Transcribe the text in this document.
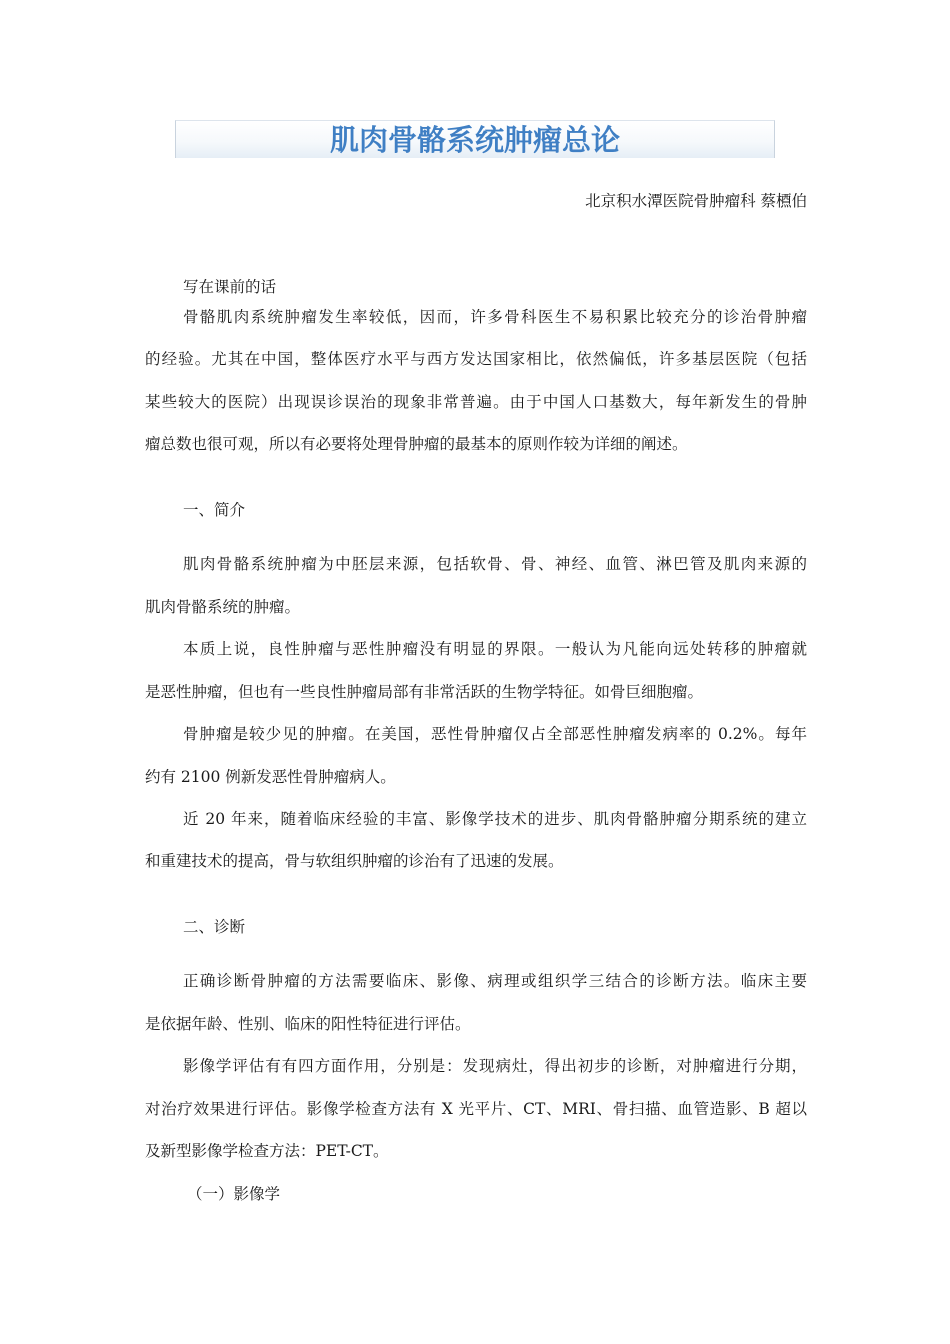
肌肉骨骼系统肿瘤总论
北京积水潭医院骨肿瘤科 蔡槱伯
写在课前的话
骨骼肌肉系统肿瘤发生率较低，因而，许多骨科医生不易积累比较充分的诊治骨肿瘤
的经验。尤其在中国，整体医疗水平与西方发达国家相比，依然偏低，许多基层医院（包括
某些较大的医院）出现误诊误治的现象非常普遍。由于中国人口基数大，每年新发生的骨肿
瘤总数也很可观，所以有必要将处理骨肿瘤的最基本的原则作较为详细的阐述。
一、简介
肌肉骨骼系统肿瘤为中胚层来源，包括软骨、骨、神经、血管、淋巴管及肌肉来源的
肌肉骨骼系统的肿瘤。
本质上说，良性肿瘤与恶性肿瘤没有明显的界限。一般认为凡能向远处转移的肿瘤就
是恶性肿瘤，但也有一些良性肿瘤局部有非常活跃的生物学特征。如骨巨细胞瘤。
骨肿瘤是较少见的肿瘤。在美国，恶性骨肿瘤仅占全部恶性肿瘤发病率的 0.2%。每年
约有 2100 例新发恶性骨肿瘤病人。
近 20 年来，随着临床经验的丰富、影像学技术的进步、肌肉骨骼肿瘤分期系统的建立
和重建技术的提高，骨与软组织肿瘤的诊治有了迅速的发展。
二、诊断
正确诊断骨肿瘤的方法需要临床、影像、病理或组织学三结合的诊断方法。临床主要
是依据年龄、性别、临床的阳性特征进行评估。
影像学评估有有四方面作用，分别是：发现病灶，得出初步的诊断，对肿瘤进行分期，
对治疗效果进行评估。影像学检查方法有 X 光平片、CT、MRI、骨扫描、血管造影、B 超以
及新型影像学检查方法：PET-CT。
（一）影像学
